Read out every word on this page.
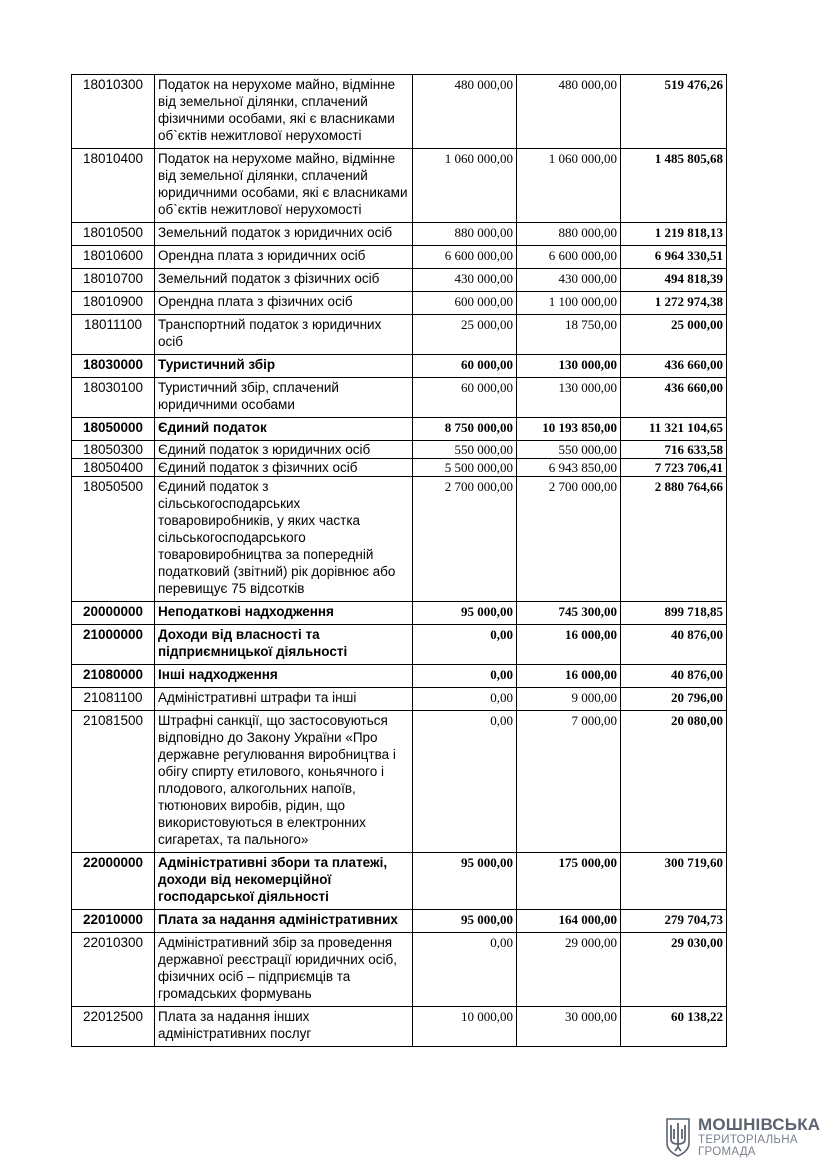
18010300	Податок на нерухоме майно, відмінне від земельної ділянки, сплачений фізичними особами, які є власниками об`єктів нежитлової нерухомості	480 000,00	480 000,00	519 476,26
18010400	Податок на нерухоме майно, відмінне від земельної ділянки, сплачений юридичними особами, які є власниками об`єктів нежитлової нерухомості	1 060 000,00	1 060 000,00	1 485 805,68
18010500	Земельний податок з юридичних осіб	880 000,00	880 000,00	1 219 818,13
18010600	Орендна плата з юридичних осіб	6 600 000,00	6 600 000,00	6 964 330,51
18010700	Земельний податок з фізичних осіб	430 000,00	430 000,00	494 818,39
18010900	Орендна плата з фізичних осіб	600 000,00	1 100 000,00	1 272 974,38
18011100	Транспортний податок з юридичних осіб	25 000,00	18 750,00	25 000,00
18030000	Туристичний збір	60 000,00	130 000,00	436 660,00
18030100	Туристичний збір, сплачений юридичними особами	60 000,00	130 000,00	436 660,00
18050000	Єдиний податок	8 750 000,00	10 193 850,00	11 321 104,65
18050300	Єдиний податок з юридичних осіб	550 000,00	550 000,00	716 633,58
18050400	Єдиний податок з фізичних осіб	5 500 000,00	6 943 850,00	7 723 706,41
18050500	Єдиний податок з сільськогосподарських товаровиробників, у яких частка сільськогосподарського товаровиробництва за попередній податковий (звітний) рік дорівнює або перевищує 75 відсотків	2 700 000,00	2 700 000,00	2 880 764,66
20000000	Неподаткові надходження	95 000,00	745 300,00	899 718,85
21000000	Доходи від власності та підприємницької діяльності	0,00	16 000,00	40 876,00
21080000	Інші надходження	0,00	16 000,00	40 876,00
21081100	Адміністративні штрафи та інші	0,00	9 000,00	20 796,00
21081500	Штрафні санкції, що застосовуються відповідно до Закону України «Про державне регулювання виробництва і обігу спирту етилового, коньячного і плодового, алкогольних напоїв, тютюнових виробів, рідин, що використовуються в електронних сигаретах, та пального»	0,00	7 000,00	20 080,00
22000000	Адміністративні збори та платежі, доходи від некомерційної господарської діяльності	95 000,00	175 000,00	300 719,60
22010000	Плата за надання адміністративних	95 000,00	164 000,00	279 704,73
22010300	Адміністративний збір за проведення державної реєстрації юридичних осіб, фізичних осіб – підприємців та громадських формувань	0,00	29 000,00	29 030,00
22012500	Плата за надання інших адміністративних послуг	10 000,00	30 000,00	60 138,22
МОШНІВСЬКА
ТЕРИТОРІАЛЬНА
ГРОМАДА
